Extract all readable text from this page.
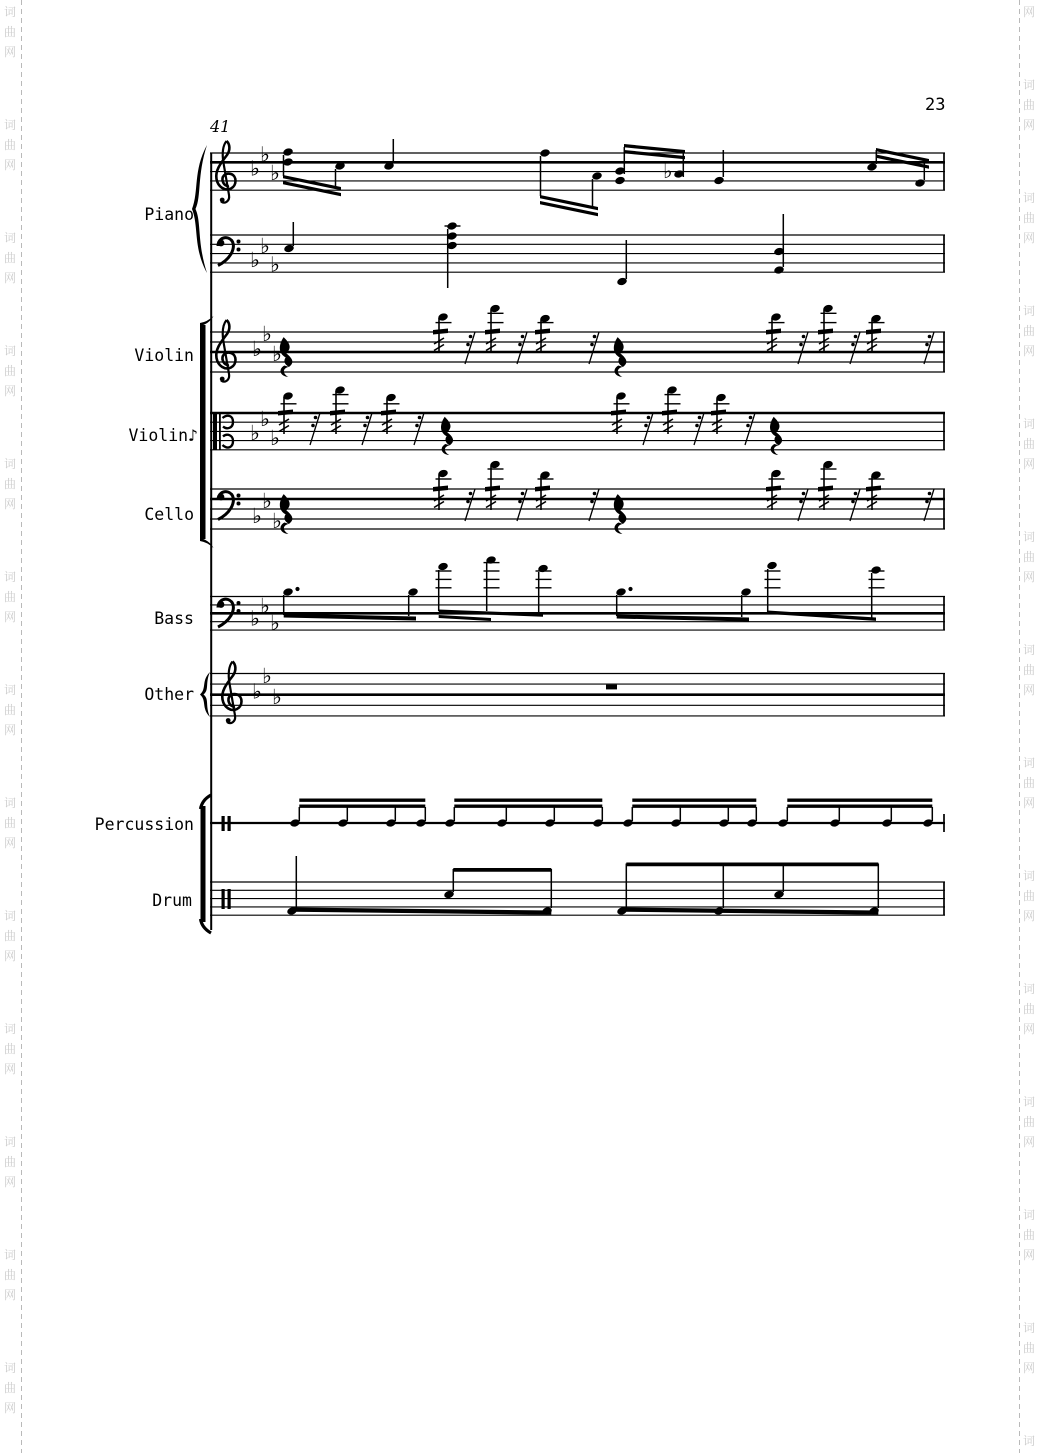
词
曲
网
词
曲
网
词
曲
网
词
曲
网
词
曲
网
词
曲
网
词
曲
网
词
曲
网
词
曲
网
词
曲
网
词
曲
网
词
曲
网
词
曲
网
网
词
曲
网
词
曲
网
词
曲
网
词
曲
网
词
曲
网
词
曲
网
词
曲
网
词
曲
网
词
曲
网
词
曲
网
词
曲
网
词
曲
网
词
23
41
♭
♭
♭
♭
♭
♭
♭
♭
♭
♭
♭
♭
♭
♭
♭
♭
♭
♭
♭
♭
♭
♭
Piano
Violin
Violin♪
Cello
Bass
Other
Percussion
Drum
